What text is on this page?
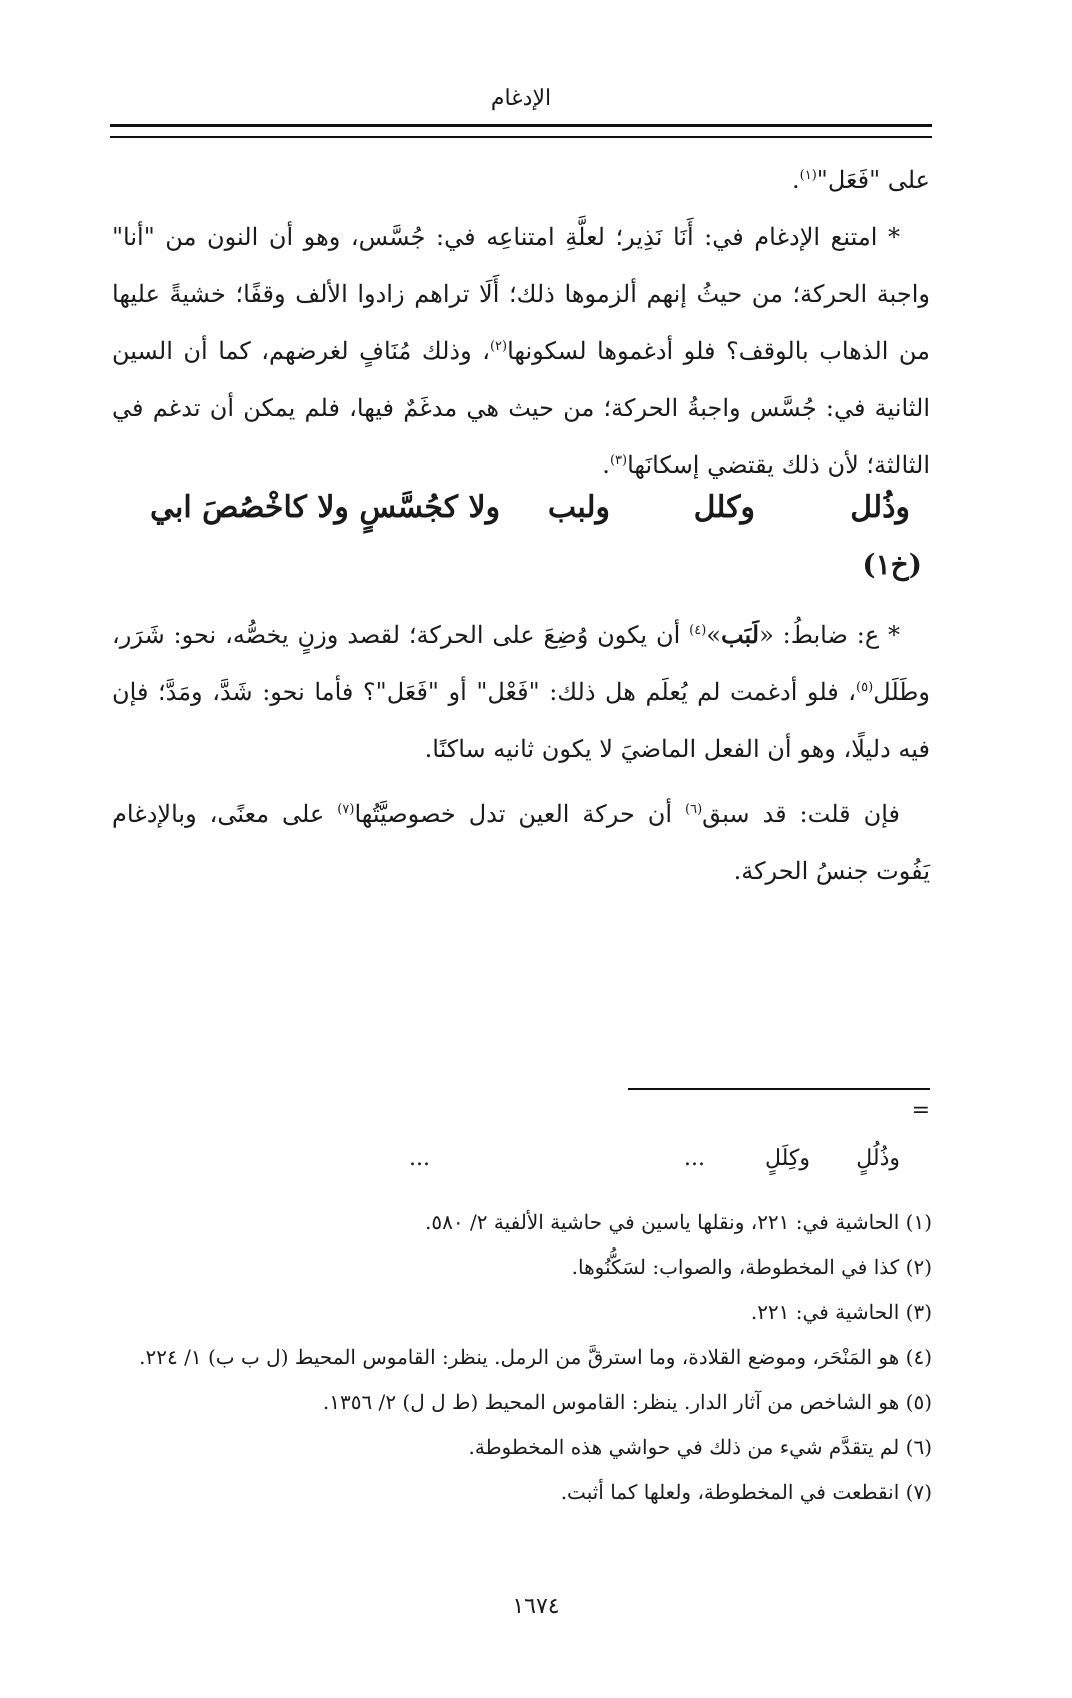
الإدغام

على "فَعَل"$^{(١)}$.

* امتنع الإدغام في: أَنَا نَذِير؛ لعلَّةِ امتناعِه في: جُسَّس، وهو أن النون من "أنا" واجبة الحركة؛ من حيثُ إنهم ألزموها ذلك؛ أَلَا تراهم زادوا الألف وقفًا؛ خشيةً عليها من الذهاب بالوقف؟ فلو أدغموها لسكونها$^{(٢)}$، وذلك مُنَافٍ لغرضهم، كما أن السين الثانية في: جُسَّس واجبةُ الحركة؛ من حيث هي مدغَمٌ فيها، فلم يمكن أن تدغم في الثالثة؛ لأن ذلك يقتضي إسكانَها$^{(٣)}$.

وذُلل
وكلل
ولبب
ولا كجُسَّسٍ ولا كاخْصُصَ ابي
(خ١)

* ع: ضابطُ: «لَبَب»$^{(٤)}$ أن يكون وُضِعَ على الحركة؛ لقصد وزنٍ يخصُّه، نحو: شَرَر، وطَلَل$^{(٥)}$، فلو أدغمت لم يُعلَم هل ذلك: "فَعْل" أو "فَعَل"؟ فأما نحو: شَدَّ، ومَدَّ؛ فإن فيه دليلًا، وهو أن الفعل الماضيَ لا يكون ثانيه ساكنًا.

فإن قلت: قد سبق$^{(٦)}$ أن حركة العين تدل خصوصيَّتُها$^{(٧)}$ على معنًى، وبالإدغام يَفُوت جنسُ الحركة.

=
وذُلُلٍ
وكِلَلٍ
...
...
(١) الحاشية في: ٢٢١، ونقلها ياسين في حاشية الألفية ٢/ ٥٨٠.
(٢) كذا في المخطوطة، والصواب: لسَكُّنُوها.
(٣) الحاشية في: ٢٢١.
(٤) هو المَنْحَر، وموضع القلادة، وما استرقَّ من الرمل. ينظر: القاموس المحيط (ل ب ب) ١/ ٢٢٤.
(٥) هو الشاخص من آثار الدار. ينظر: القاموس المحيط (ط ل ل) ٢/ ١٣٥٦.
(٦) لم يتقدَّم شيء من ذلك في حواشي هذه المخطوطة.
(٧) انقطعت في المخطوطة، ولعلها كما أثبت.
١٦٧٤
